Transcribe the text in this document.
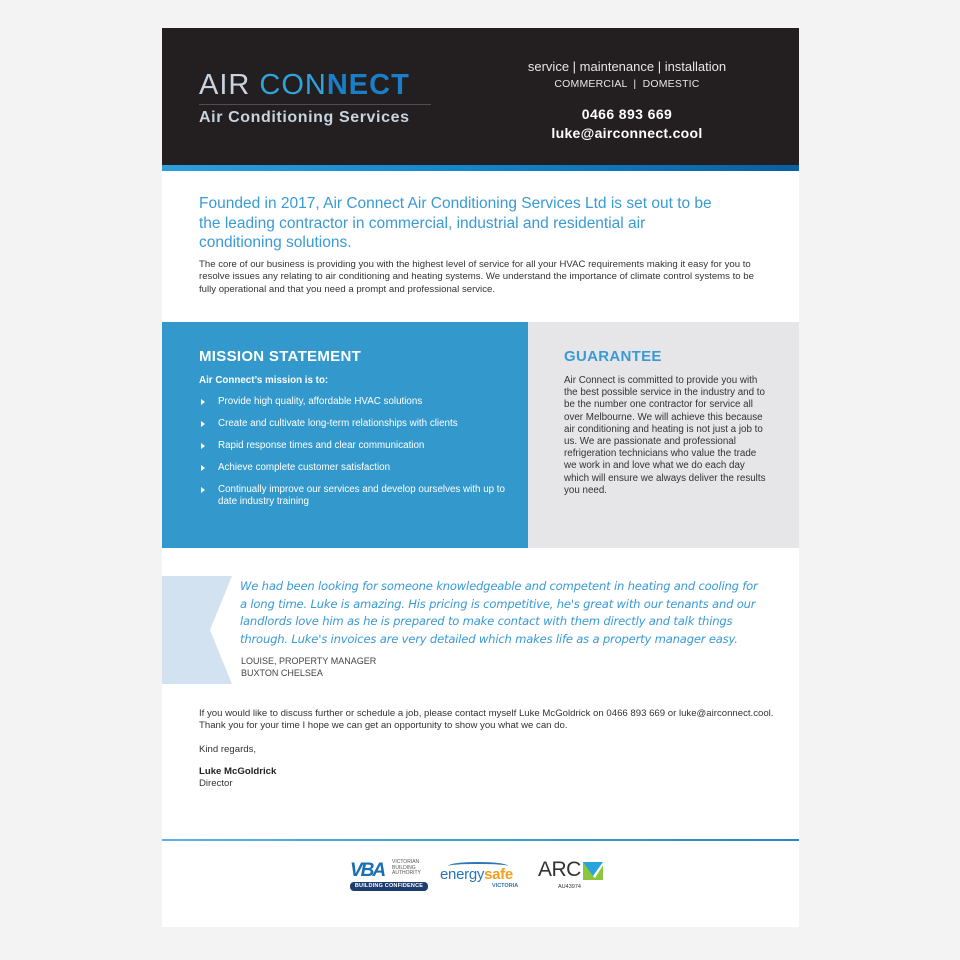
AIR CONNECT
Air Conditioning Services
service | maintenance | installation
COMMERCIAL  |  DOMESTIC
0466 893 669
luke@airconnect.cool
Founded in 2017, Air Connect Air Conditioning Services Ltd is set out to be the leading contractor in commercial, industrial and residential air conditioning solutions.
The core of our business is providing you with the highest level of service for all your HVAC requirements making it easy for you to resolve issues any relating to air conditioning and heating systems. We understand the importance of climate control systems to be fully operational and that you need a prompt and professional service.
MISSION STATEMENT
Air Connect’s mission is to:
Provide high quality, affordable HVAC solutions
Create and cultivate long-term relationships with clients
Rapid response times and clear communication
Achieve complete customer satisfaction
Continually improve our services and develop ourselves with up to date industry training
GUARANTEE
Air Connect is committed to provide you with the best possible service in the industry and to be the number one contractor for service all over Melbourne. We will achieve this because air conditioning and heating is not just a job to us. We are passionate and professional refrigeration technicians who value the trade we work in and love what we do each day which will ensure we always deliver the results you need.
We had been looking for someone knowledgeable and competent in heating and cooling for a long time. Luke is amazing. His pricing is competitive, he's great with our tenants and our landlords love him as he is prepared to make contact with them directly and talk things through. Luke's invoices are very detailed which makes life as a property manager easy.
LOUISE, PROPERTY MANAGER
BUXTON CHELSEA
If you would like to discuss further or schedule a job, please contact myself Luke McGoldrick on 0466 893 669 or luke@airconnect.cool. Thank you for your time I hope we can get an opportunity to show you what we can do.
Kind regards,
Luke McGoldrick
Director
VBA VICTORIAN
BUILDING
AUTHORITY
BUILDING CONFIDENCE
energysafe
VICTORIA
ARC
AU43974
